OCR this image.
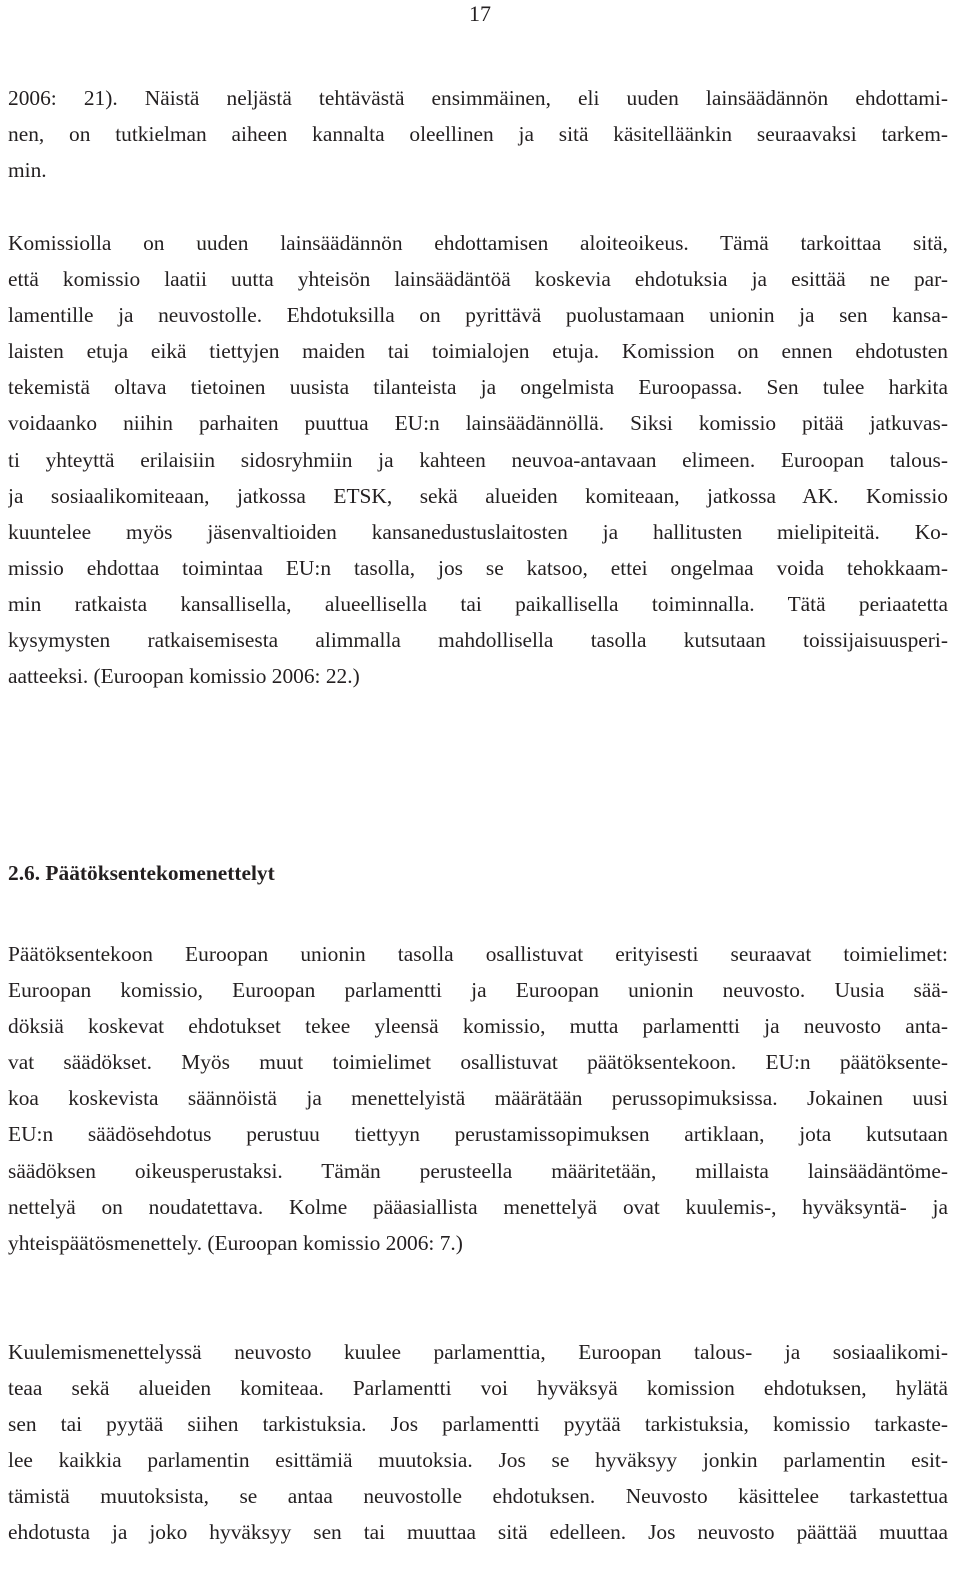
17
2006: 21). Näistä neljästä tehtävästä ensimmäinen, eli uuden lainsäädännön ehdottami-
nen, on tutkielman aiheen kannalta oleellinen ja sitä käsitelläänkin seuraavaksi tarkem-
min.
Komissiolla on uuden lainsäädännön ehdottamisen aloiteoikeus. Tämä tarkoittaa sitä,
että komissio laatii uutta yhteisön lainsäädäntöä koskevia ehdotuksia ja esittää ne par-
lamentille ja neuvostolle. Ehdotuksilla on pyrittävä puolustamaan unionin ja sen kansa-
laisten etuja eikä tiettyjen maiden tai toimialojen etuja. Komission on ennen ehdotusten
tekemistä oltava tietoinen uusista tilanteista ja ongelmista Euroopassa. Sen tulee harkita
voidaanko niihin parhaiten puuttua EU:n lainsäädännöllä. Siksi komissio pitää jatkuvas-
ti yhteyttä erilaisiin sidosryhmiin ja kahteen neuvoa-antavaan elimeen. Euroopan talous-
ja sosiaalikomiteaan, jatkossa ETSK, sekä alueiden komiteaan, jatkossa AK. Komissio
kuuntelee myös jäsenvaltioiden kansanedustuslaitosten ja hallitusten mielipiteitä. Ko-
missio ehdottaa toimintaa EU:n tasolla, jos se katsoo, ettei ongelmaa voida tehokkaam-
min ratkaista kansallisella, alueellisella tai paikallisella toiminnalla. Tätä periaatetta
kysymysten ratkaisemisesta alimmalla mahdollisella tasolla kutsutaan toissijaisuusperi-
aatteeksi. (Euroopan komissio 2006: 22.)
2.6. Päätöksentekomenettelyt
Päätöksentekoon Euroopan unionin tasolla osallistuvat erityisesti seuraavat toimielimet:
Euroopan komissio, Euroopan parlamentti ja Euroopan unionin neuvosto. Uusia sää-
döksiä koskevat ehdotukset tekee yleensä komissio, mutta parlamentti ja neuvosto anta-
vat säädökset. Myös muut toimielimet osallistuvat päätöksentekoon. EU:n päätöksente-
koa koskevista säännöistä ja menettelyistä määrätään perussopimuksissa. Jokainen uusi
EU:n säädösehdotus perustuu tiettyyn perustamissopimuksen artiklaan, jota kutsutaan
säädöksen oikeusperustaksi. Tämän perusteella määritetään, millaista lainsäädäntöme-
nettelyä on noudatettava. Kolme pääasiallista menettelyä ovat kuulemis-, hyväksyntä- ja
yhteispäätösmenettely. (Euroopan komissio 2006: 7.)
Kuulemismenettelyssä neuvosto kuulee parlamenttia, Euroopan talous- ja sosiaalikomi-
teaa sekä alueiden komiteaa. Parlamentti voi hyväksyä komission ehdotuksen, hylätä
sen tai pyytää siihen tarkistuksia. Jos parlamentti pyytää tarkistuksia, komissio tarkaste-
lee kaikkia parlamentin esittämiä muutoksia. Jos se hyväksyy jonkin parlamentin esit-
tämistä muutoksista, se antaa neuvostolle ehdotuksen. Neuvosto käsittelee tarkastettua
ehdotusta ja joko hyväksyy sen tai muuttaa sitä edelleen. Jos neuvosto päättää muuttaa
